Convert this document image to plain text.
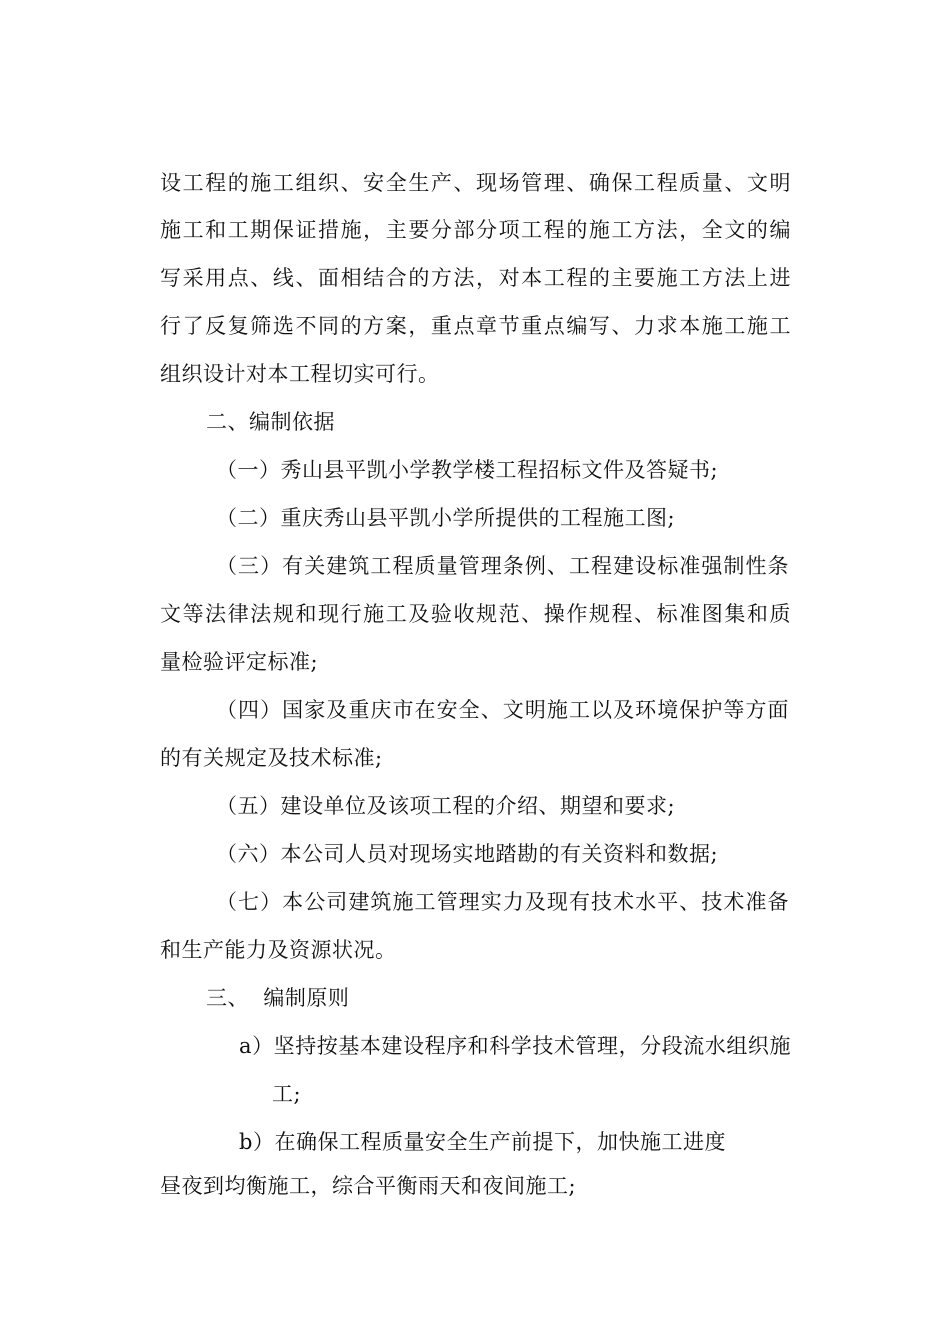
设工程的施工组织、安全生产、现场管理、确保工程质量、文明
施工和工期保证措施，主要分部分项工程的施工方法，全文的编
写采用点、线、面相结合的方法，对本工程的主要施工方法上进
行了反复筛选不同的方案，重点章节重点编写、力求本施工施工
组织设计对本工程切实可行。
二、编制依据
（一）秀山县平凯小学教学楼工程招标文件及答疑书;
（二）重庆秀山县平凯小学所提供的工程施工图;
（三）有关建筑工程质量管理条例、工程建设标准强制性条
文等法律法规和现行施工及验收规范、操作规程、标准图集和质
量检验评定标准;
（四）国家及重庆市在安全、文明施工以及环境保护等方面
的有关规定及技术标准;
（五）建设单位及该项工程的介绍、期望和要求;
（六）本公司人员对现场实地踏勘的有关资料和数据;
（七）本公司建筑施工管理实力及现有技术水平、技术准备
和生产能力及资源状况。
三、  编制原则
a）坚持按基本建设程序和科学技术管理，分段流水组织施
工;
b）在确保工程质量安全生产前提下，加快施工进度
昼夜到均衡施工，综合平衡雨天和夜间施工;
